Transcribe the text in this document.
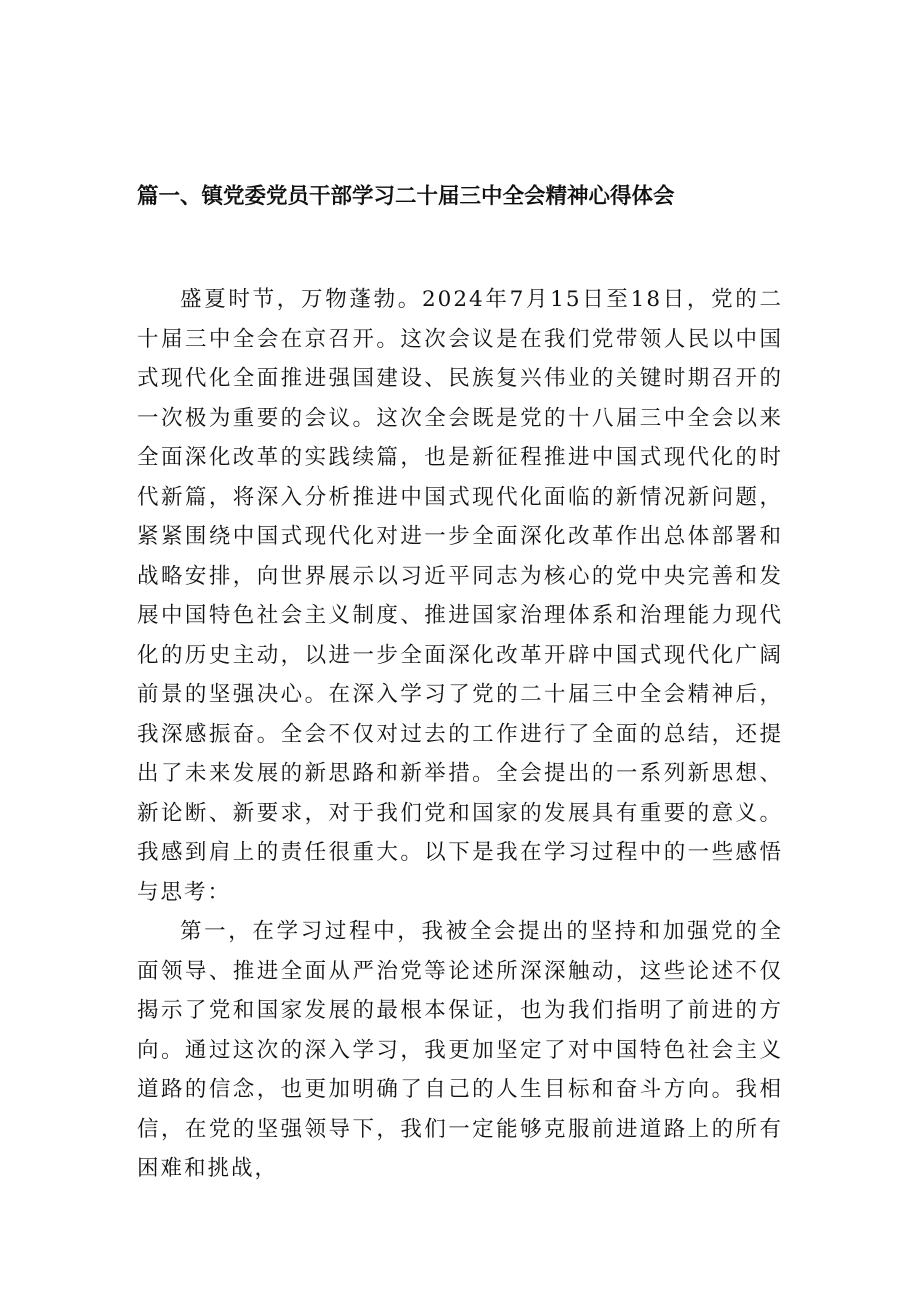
篇一、镇党委党员干部学习二十届三中全会精神心得体会

盛夏时节，万物蓬勃。2024年7月15日至18日，党的二十届三中全会在京召开。这次会议是在我们党带领人民以中国式现代化全面推进强国建设、民族复兴伟业的关键时期召开的一次极为重要的会议。这次全会既是党的十八届三中全会以来全面深化改革的实践续篇，也是新征程推进中国式现代化的时代新篇，将深入分析推进中国式现代化面临的新情况新问题，紧紧围绕中国式现代化对进一步全面深化改革作出总体部署和战略安排，向世界展示以习近平同志为核心的党中央完善和发展中国特色社会主义制度、推进国家治理体系和治理能力现代化的历史主动，以进一步全面深化改革开辟中国式现代化广阔前景的坚强决心。在深入学习了党的二十届三中全会精神后，我深感振奋。全会不仅对过去的工作进行了全面的总结，还提出了未来发展的新思路和新举措。全会提出的一系列新思想、新论断、新要求，对于我们党和国家的发展具有重要的意义。我感到肩上的责任很重大。以下是我在学习过程中的一些感悟与思考：

第一，在学习过程中，我被全会提出的坚持和加强党的全面领导、推进全面从严治党等论述所深深触动，这些论述不仅揭示了党和国家发展的最根本保证，也为我们指明了前进的方向。通过这次的深入学习，我更加坚定了对中国特色社会主义道路的信念，也更加明确了自己的人生目标和奋斗方向。我相信，在党的坚强领导下，我们一定能够克服前进道路上的所有困难和挑战，
